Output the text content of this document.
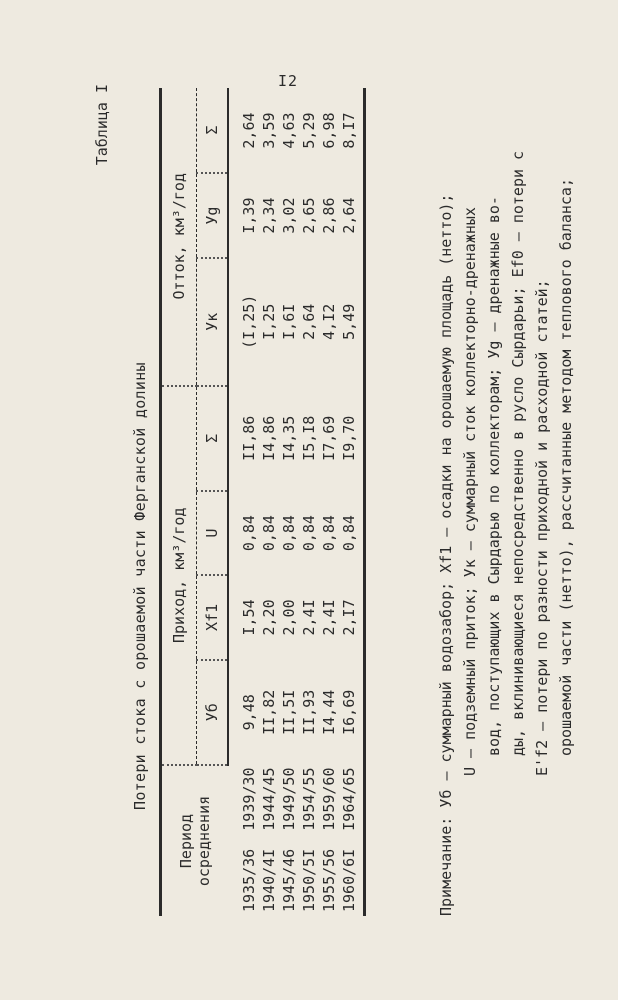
I2
Таблица I
Потери стока с орошаемой части Ферганской долины
Период осреднения	Приход, км³/год				Отток, км³/год		
	Уб	Xf1	U	Σ	Ук	Уg	Σ
1935/36  1939/30	9,48	I,54	0,84	II,86	(I,25)	I,39	2,64
1940/4I  1944/45	II,82	2,20	0,84	I4,86	I,25	2,34	3,59
1945/46  1949/50	II,5I	2,00	0,84	I4,35	I,6I	3,02	4,63
1950/5I  1954/55	II,93	2,4I	0,84	I5,I8	2,64	2,65	5,29
1955/56  1959/60	I4,44	2,4I	0,84	I7,69	4,I2	2,86	6,98
1960/6I  I964/65	I6,69	2,I7	0,84	I9,70	5,49	2,64	8,I7

Примечание: Уб – суммарный водозабор; Xf1 – осадки на орошаемую площадь (нетто); U – подземный приток; Ук – суммарный сток коллекторно-дренажных вод, поступающих в Сырдарью по коллекторам; Уg – дренажные во- ды, вклинивающиеся непосредственно в русло Сырдарьи; Ef0 – потери с E'f2 – потери по разности приходной и расходной статей; орошаемой части (нетто), рассчитанные методом теплового баланса;
